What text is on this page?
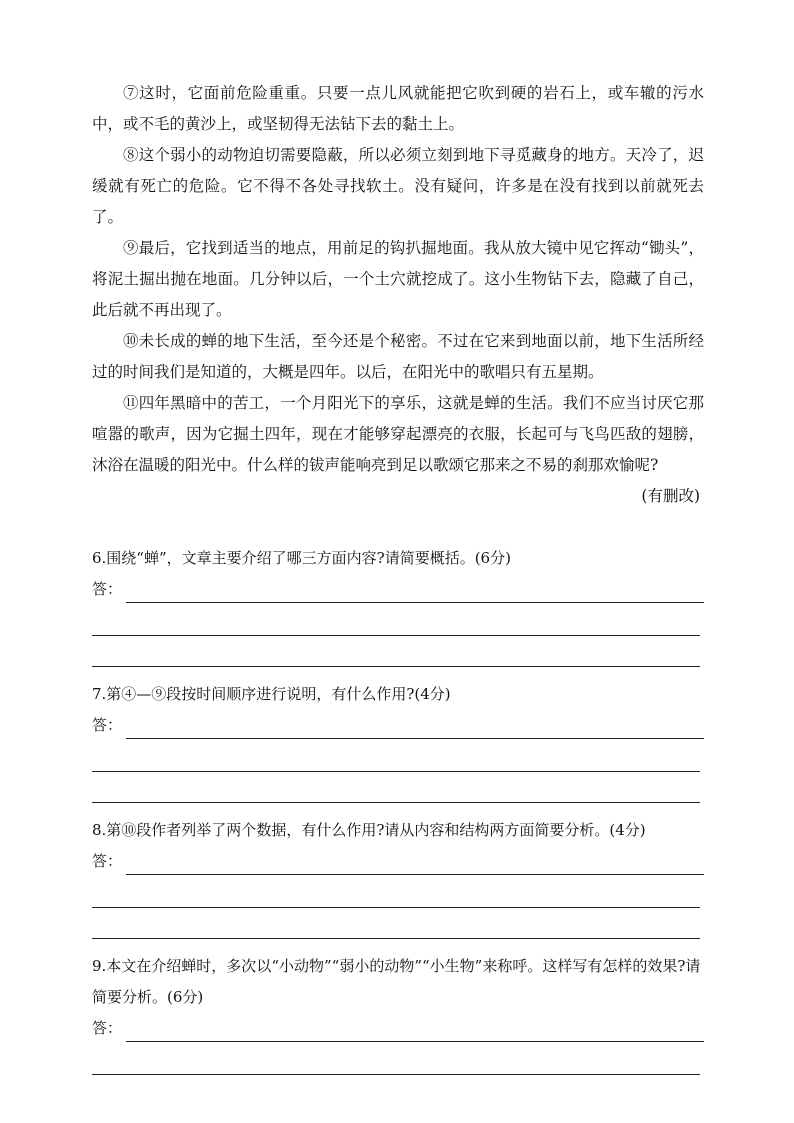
⑦这时，它面前危险重重。只要一点儿风就能把它吹到硬的岩石上，或车辙的污水中，或不毛的黄沙上，或坚韧得无法钻下去的黏土上。

⑧这个弱小的动物迫切需要隐蔽，所以必须立刻到地下寻觅藏身的地方。天冷了，迟缓就有死亡的危险。它不得不各处寻找软土。没有疑问，许多是在没有找到以前就死去了。

⑨最后，它找到适当的地点，用前足的钩扒掘地面。我从放大镜中见它挥动“锄头”，将泥土掘出抛在地面。几分钟以后，一个土穴就挖成了。这小生物钻下去，隐藏了自己，此后就不再出现了。

⑩未长成的蝉的地下生活，至今还是个秘密。不过在它来到地面以前，地下生活所经过的时间我们是知道的，大概是四年。以后，在阳光中的歌唱只有五星期。

⑪四年黑暗中的苦工，一个月阳光下的享乐，这就是蝉的生活。我们不应当讨厌它那喧嚣的歌声，因为它掘土四年，现在才能够穿起漂亮的衣服，长起可与飞鸟匹敌的翅膀，沐浴在温暖的阳光中。什么样的钹声能响亮到足以歌颂它那来之不易的刹那欢愉呢?

(有删改)

6.围绕“蝉”，文章主要介绍了哪三方面内容?请简要概括。(6分)

答：

7.第④—⑨段按时间顺序进行说明，有什么作用?(4分)

答：

8.第⑩段作者列举了两个数据，有什么作用?请从内容和结构两方面简要分析。(4分)

答：

9.本文在介绍蝉时，多次以“小动物”“弱小的动物”“小生物”来称呼。这样写有怎样的效果?请简要分析。(6分)

答：
